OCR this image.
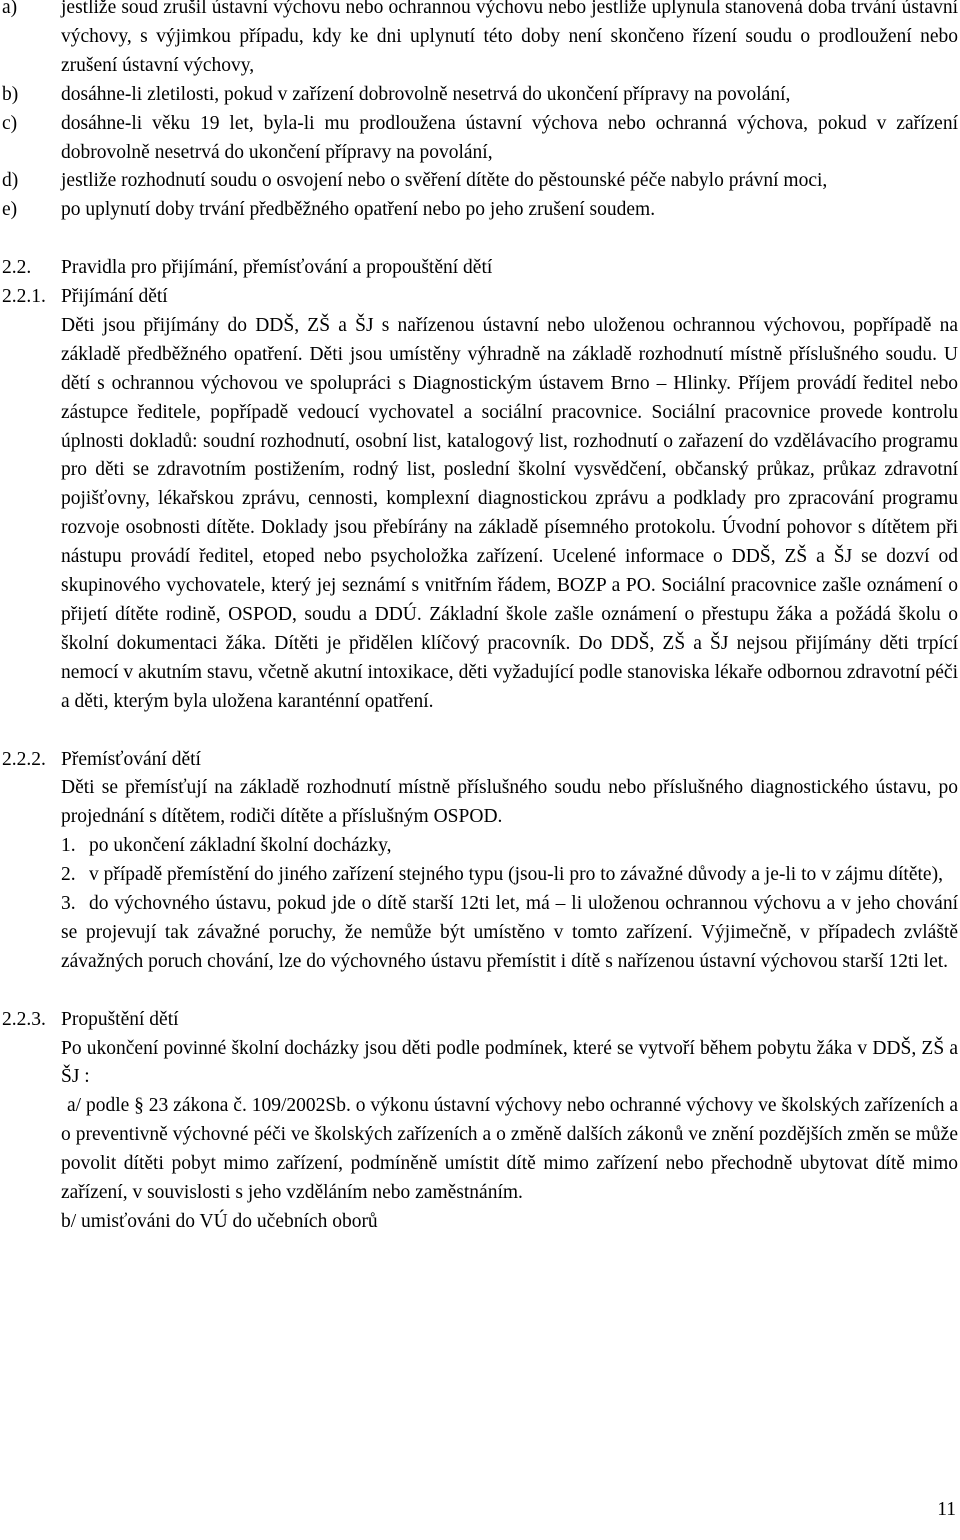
a)	jestliže soud zrušil ústavní výchovu nebo ochrannou výchovu nebo jestliže uplynula stanovená doba trvání ústavní výchovy, s výjimkou případu, kdy ke dni uplynutí této doby není skončeno řízení soudu o prodloužení nebo zrušení ústavní výchovy,
b)	dosáhne-li zletilosti, pokud v zařízení dobrovolně nesetrvá do ukončení přípravy na povolání,
c)	dosáhne-li věku 19 let, byla-li mu prodloužena ústavní výchova nebo ochranná výchova, pokud v zařízení dobrovolně nesetrvá do ukončení přípravy na povolání,
d)	jestliže rozhodnutí soudu o osvojení nebo o svěření dítěte do pěstounské péče nabylo právní moci,
e)	po uplynutí doby trvání předběžného opatření nebo po jeho zrušení soudem.
2.2.	Pravidla pro přijímání, přemísťování a propouštění dětí
2.2.1. Přijímání dětí
Děti jsou přijímány do DDŠ, ZŠ a ŠJ s nařízenou ústavní nebo uloženou ochrannou výchovou, popřípadě na základě předběžného opatření. Děti jsou umístěny výhradně na základě rozhodnutí místně příslušného soudu. U dětí s ochrannou výchovou ve spolupráci s Diagnostickým ústavem Brno – Hlinky. Příjem provádí ředitel nebo zástupce ředitele, popřípadě vedoucí vychovatel a sociální pracovnice. Sociální pracovnice provede kontrolu úplnosti dokladů: soudní rozhodnutí, osobní list, katalogový list, rozhodnutí o zařazení do vzdělávacího programu pro děti se zdravotním postižením, rodný list, poslední školní vysvědčení, občanský průkaz, průkaz zdravotní pojišťovny, lékařskou zprávu, cennosti, komplexní diagnostickou zprávu a podklady pro zpracování programu rozvoje osobnosti dítěte. Doklady jsou přebírány na základě písemného protokolu. Úvodní pohovor s dítětem při nástupu provádí ředitel, etoped nebo psycholožka zařízení. Ucelené informace o DDŠ, ZŠ a ŠJ se dozví od skupinového vychovatele, který jej seznámí s vnitřním řádem, BOZP a PO. Sociální pracovnice zašle oznámení o přijetí dítěte rodině, OSPOD, soudu a DDÚ. Základní škole zašle oznámení o přestupu žáka a požádá školu o školní dokumentaci žáka. Dítěti je přidělen klíčový pracovník. Do DDŠ, ZŠ a ŠJ nejsou přijímány děti trpící nemocí v akutním stavu, včetně akutní intoxikace, děti vyžadující podle stanoviska lékaře odbornou zdravotní péči a děti, kterým byla uložena karanténní opatření.
2.2.2. Přemísťování dětí
Děti se přemísťují na základě rozhodnutí místně příslušného soudu nebo příslušného diagnostického ústavu, po projednání s dítětem, rodiči dítěte a příslušným OSPOD.
1. po ukončení základní školní docházky,
2. v případě přemístění do jiného zařízení stejného typu (jsou-li pro to závažné důvody a je-li to v zájmu dítěte),
3. do výchovného ústavu, pokud jde o dítě starší 12ti let, má – li uloženou ochrannou výchovu a v jeho chování se projevují tak závažné poruchy, že nemůže být umístěno v tomto zařízení. Výjimečně, v případech zvláště závažných poruch chování, lze do výchovného ústavu přemístit i dítě s nařízenou ústavní výchovou starší 12ti let.
2.2.3. Propuštění dětí
Po ukončení povinné školní docházky jsou děti podle podmínek, které se vytvoří během pobytu žáka v DDŠ, ZŠ a ŠJ :
a/ podle § 23 zákona č. 109/2002Sb. o výkonu ústavní výchovy nebo ochranné výchovy ve školských zařízeních a o preventivně výchovné péči ve školských zařízeních a o změně dalších zákonů ve znění pozdějších změn se může povolit dítěti pobyt mimo zařízení, podmíněně umístit dítě mimo zařízení nebo přechodně ubytovat dítě mimo zařízení, v souvislosti s jeho vzděláním nebo zaměstnáním.
b/ umisťováni do VÚ do učebních oborů
11
